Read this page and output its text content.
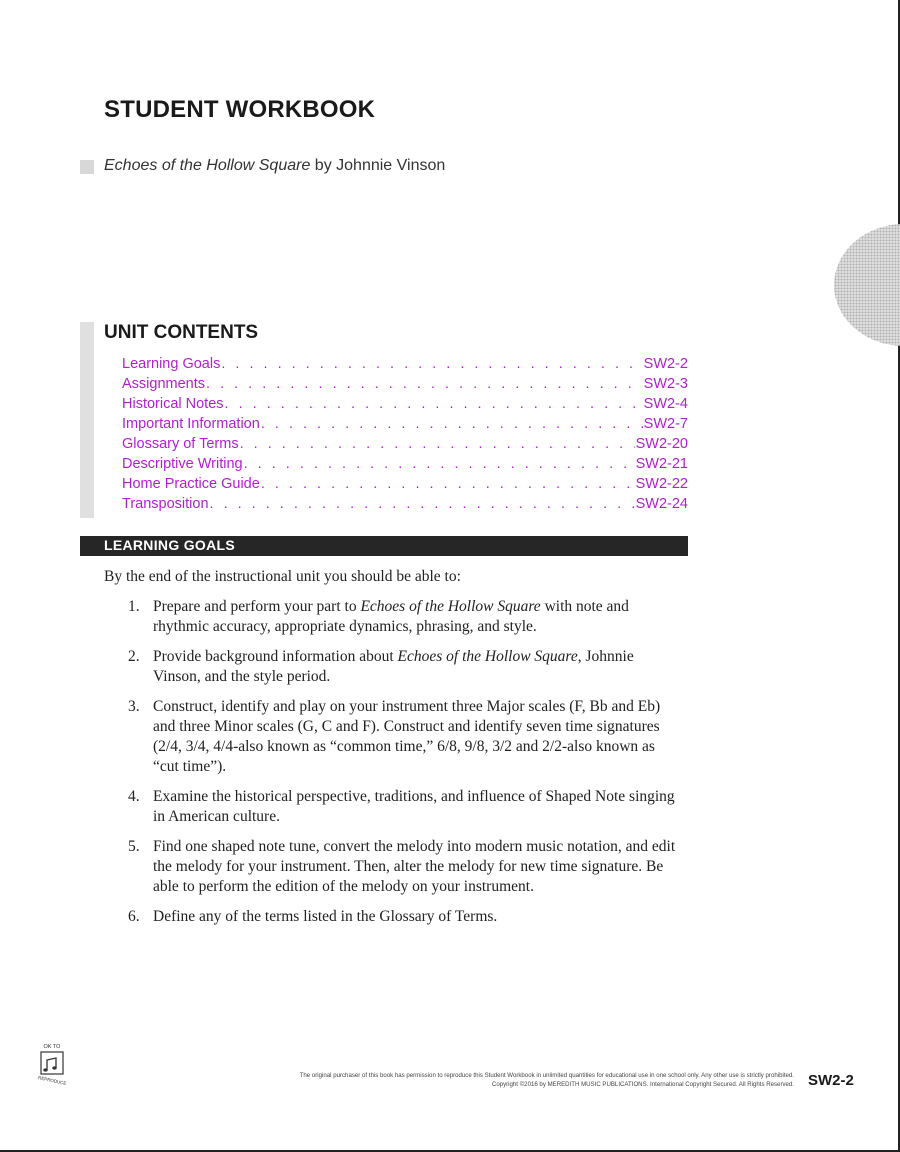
STUDENT WORKBOOK
Echoes of the Hollow Square by Johnnie Vinson
UNIT CONTENTS
Learning Goals . . .	SW2-2
Assignments . . .	SW2-3
Historical Notes . . .	SW2-4
Important Information . . .	SW2-7
Glossary of Terms . . .	SW2-20
Descriptive Writing . . .	SW2-21
Home Practice Guide . . .	SW2-22
Transposition . . .	SW2-24
LEARNING GOALS
By the end of the instructional unit you should be able to:
1. Prepare and perform your part to Echoes of the Hollow Square with note and rhythmic accuracy, appropriate dynamics, phrasing, and style.
2. Provide background information about Echoes of the Hollow Square, Johnnie Vinson, and the style period.
3. Construct, identify and play on your instrument three Major scales (F, Bb and Eb) and three Minor scales (G, C and F). Construct and identify seven time signatures (2/4, 3/4, 4/4-also known as “common time,” 6/8, 9/8, 3/2 and 2/2-also known as “cut time”).
4. Examine the historical perspective, traditions, and influence of Shaped Note singing in American culture.
5. Find one shaped note tune, convert the melody into modern music notation, and edit the melody for your instrument. Then, alter the melody for new time signature. Be able to perform the edition of the melody on your instrument.
6. Define any of the terms listed in the Glossary of Terms.
OK TO
REPRODUCE	The original purchaser of this book has permission to reproduce this Student Workbook in unlimited quantities for educational use in one school only. Any other use is strictly prohibited.
Copyright ©2016 by MEREDITH MUSIC PUBLICATIONS. International Copyright Secured. All Rights Reserved. SW2-2
